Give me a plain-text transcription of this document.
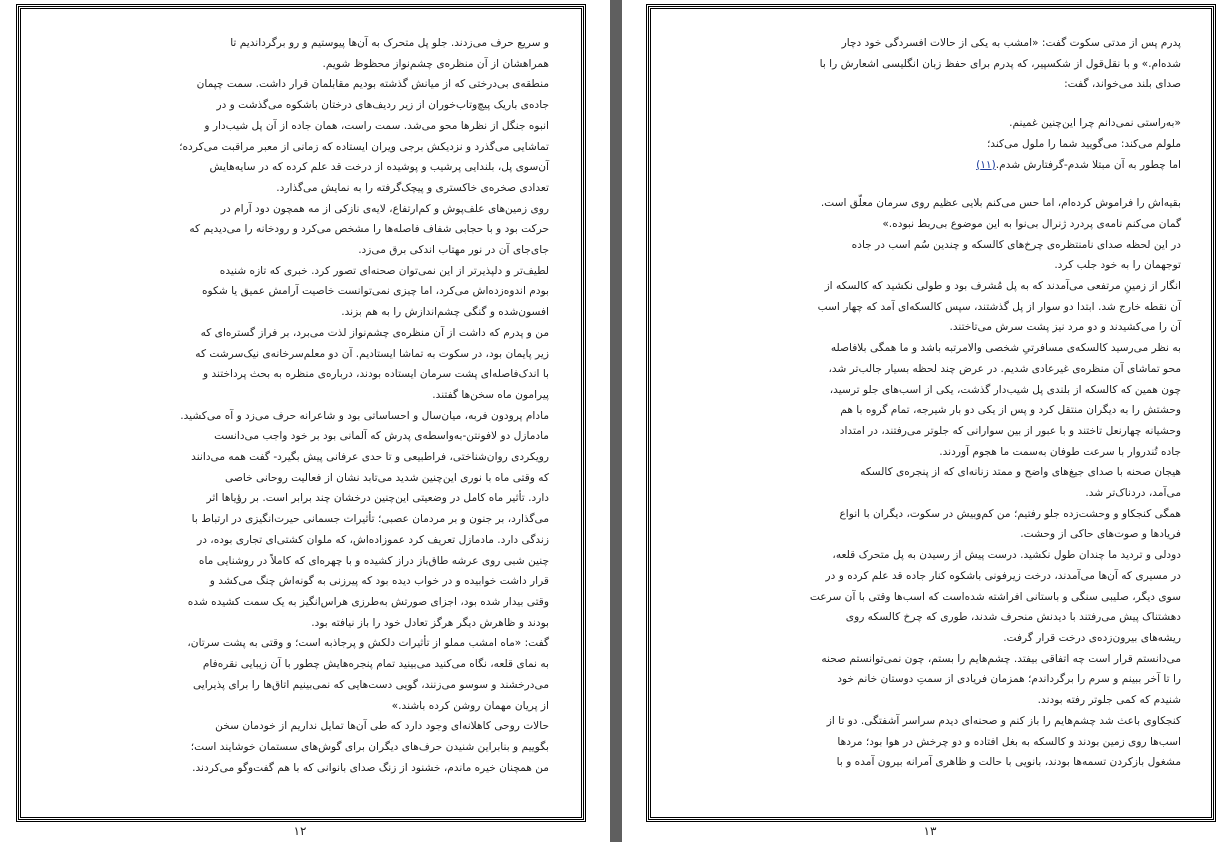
و سریع حرف می‌زدند. جلو پل متحرک به آن‌ها پیوستیم و رو برگرداندیم تا

همراهشان از آن منظره‌ی چشم‌نواز محظوظ شویم.

منطقه‌ی بی‌درختی که از میانش گذشته بودیم مقابلمان قرار داشت. سمت چپمان

جاده‌ی باریک پیچ‌وتاب‌خوران از زیر ردیف‌های درختان باشکوه می‌گذشت و در

انبوه جنگل از نظرها محو می‌شد. سمت راست، همان جاده از آن پل شیب‌دار و

تماشایی می‌گذرد و نزدیکش برجی ویران ایستاده که زمانی از معبر مراقبت می‌کرده؛

آن‌سوی پل، بلندایی پرشیب و پوشیده از درخت قد علم کرده که در سایه‌هایش

تعدادی صخره‌ی خاکستری و پیچک‌گرفته را به نمایش می‌گذارد.

روی زمین‌های علف‌پوش و کم‌ارتفاع، لایه‌ی نازکی از مه همچون دود آرام در

حرکت بود و با حجابی شفاف فاصله‌ها را مشخص می‌کرد و رودخانه را می‌دیدیم که

جای‌جای آن در نور مهتاب اندکی برق می‌زد.

لطیف‌تر و دلپذیرتر از این نمی‌توان صحنه‌ای تصور کرد. خبری که تازه شنیده

بودم اندوه‌زده‌اش می‌کرد، اما چیزی نمی‌توانست خاصیت آرامش عمیق یا شکوه

افسون‌شده و گنگی چشم‌اندازش را به هم بزند.

من و پدرم که داشت از آن منظره‌ی چشم‌نواز لذت می‌برد، بر فراز گستره‌ای که

زیر پایمان بود، در سکوت به تماشا ایستادیم. آن دو معلم‌سرخانه‌ی نیک‌سرشت که

با اندک‌فاصله‌ای پشت سرمان ایستاده بودند، درباره‌ی منظره به بحث پرداختند و

پیرامون ماه سخن‌ها گفتند.

مادام پرودون فربه، میان‌سال و احساساتی بود و شاعرانه حرف می‌زد و آه می‌کشید.

مادمازل دو لافونتن-به‌واسطه‌ی پدرش که آلمانی بود بر خود واجب می‌دانست

رویکردی روان‌شناختی، فراطبیعی و تا حدی عرفانی پیش بگیرد- گفت همه می‌دانند

که وقتی ماه با نوری این‌چنین شدید می‌تابد نشان از فعالیت روحانی خاصی

دارد. تأثیر ماه کامل در وضعیتی این‌چنین درخشان چند برابر است. بر رؤیاها اثر

می‌گذارد، بر جنون و بر مردمان عصبی؛ تأثیرات جسمانی حیرت‌انگیزی در ارتباط با

زندگی دارد. مادمازل تعریف کرد عموزاده‌اش، که ملوان کشتی‌ای تجاری بوده، در

چنین شبی روی عرشه طاق‌باز دراز کشیده و با چهره‌ای که کاملاً در روشنایی ماه

قرار داشت خوابیده و در خواب دیده بود که پیرزنی به گونه‌اش چنگ می‌کشد و

وقتی بیدار شده بود، اجزای صورتش به‌طرزی هراس‌انگیز به یک سمت کشیده شده

بودند و ظاهرش دیگر هرگز تعادل خود را باز نیافته بود.

گفت: «ماه امشب مملو از تأثیرات دلکش و پرجاذبه است؛ و وقتی به پشت سرتان،

به نمای قلعه، نگاه می‌کنید می‌بینید تمام پنجره‌هایش چطور با آن زیبایی نقره‌فام

می‌درخشند و سوسو می‌زنند، گویی دست‌هایی که نمی‌بینیم اتاق‌ها را برای پذیرایی

از پریان مهمان روشن کرده باشند.»

حالات روحی کاهلانه‌ای وجود دارد که طی آن‌ها تمایل نداریم از خودمان سخن

بگوییم و بنابراین شنیدن حرف‌های دیگران برای گوش‌های سستمان خوشایند است؛

من همچنان خیره ماندم، خشنود از زنگ صدای بانوانی که با هم گفت‌وگو می‌کردند.

۱۲

پدرم پس از مدتی سکوت گفت: «امشب به یکی از حالات افسردگی خود دچار

شده‌ام.» و با نقل‌قول از شکسپیر، که پدرم برای حفظ زبان انگلیسی اشعارش را با

صدای بلند می‌خواند، گفت:

«به‌راستی نمی‌دانم چرا این‌چنین غمینم.

ملولم می‌کند: می‌گویید شما را ملول می‌کند؛

اما چطور به آن مبتلا شدم-گرفتارش شدم.(۱۱)

بقیه‌اش را فراموش کرده‌ام، اما حس می‌کنم بلایی عظیم روی سرمان معلّق است.

گمان می‌کنم نامه‌ی پردرد ژنرال بی‌نوا به این موضوع بی‌ربط نبوده.»

در این لحظه صدای نامنتظره‌ی چرخ‌های کالسکه و چندین سُم اسب در جاده

توجهمان را به خود جلب کرد.

انگار از زمینِ مرتفعی می‌آمدند که به پل مُشرف بود و طولی نکشید که کالسکه از

آن نقطه خارج شد. ابتدا دو سوار از پل گذشتند، سپس کالسکه‌ای آمد که چهار اسب

آن را می‌کشیدند و دو مرد نیز پشت سرش می‌تاختند.

به نظر می‌رسید کالسکه‌ی مسافرتیِ شخصی والامرتبه باشد و ما همگی بلافاصله

محو تماشای آن منظره‌ی غیرعادی شدیم. در عرض چند لحظه بسیار جالب‌تر شد،

چون همین که کالسکه از بلندی پل شیب‌دار گذشت، یکی از اسب‌های جلو ترسید،

وحشتش را به دیگران منتقل کرد و پس از یکی دو بار شیرجه، تمام گروه با هم

وحشیانه چهارنعل تاختند و با عبور از بین سوارانی که جلوتر می‌رفتند، در امتداد

جاده تُندروار با سرعت طوفان به‌سمت ما هجوم آوردند.

هیجان صحنه با صدای جیغ‌های واضح و ممتد زنانه‌ای که از پنجره‌ی کالسکه

می‌آمد، دردناک‌تر شد.

همگی کنجکاو و وحشت‌زده جلو رفتیم؛ من کم‌وبیش در سکوت، دیگران با انواع

فریادها و صوت‌های حاکی از وحشت.

دودلی و تردید ما چندان طول نکشید. درست پیش از رسیدن به پل متحرک قلعه،

در مسیری که آن‌ها می‌آمدند، درخت زیرفونی باشکوه کنار جاده قد علم کرده و در

سوی دیگر، صلیبی سنگی و باستانی افراشته شده‌است که اسب‌ها وقتی با آن سرعت

دهشتناک پیش می‌رفتند با دیدنش منحرف شدند، طوری که چرخ کالسکه روی

ریشه‌های بیرون‌زده‌ی درخت قرار گرفت.

می‌دانستم قرار است چه اتفاقی بیفتد. چشم‌هایم را بستم، چون نمی‌توانستم صحنه

را تا آخر ببینم و سرم را برگرداندم؛ همزمان فریادی از سمتِ دوستان خانم خود

شنیدم که کمی جلوتر رفته بودند.

کنجکاوی باعث شد چشم‌هایم را باز کنم و صحنه‌ای دیدم سراسر آشفتگی. دو تا از

اسب‌ها روی زمین بودند و کالسکه به بغل افتاده و دو چرخش در هوا بود؛ مردها

مشغول بازکردن تسمه‌ها بودند، بانویی با حالت و ظاهری آمرانه بیرون آمده و با

۱۳
